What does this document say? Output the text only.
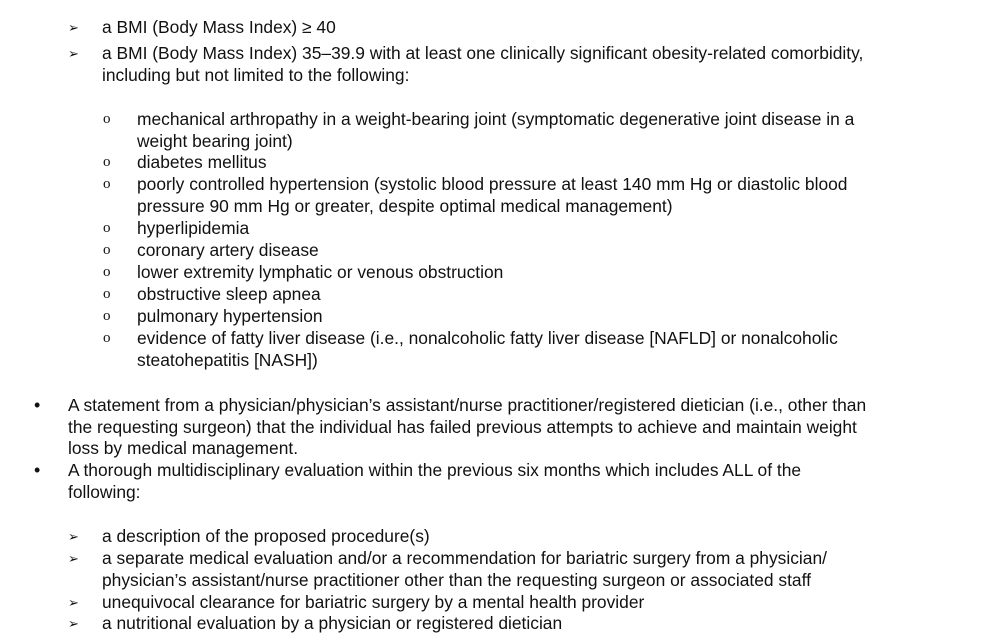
➢ a BMI (Body Mass Index) ≥ 40
➢ a BMI (Body Mass Index) 35–39.9 with at least one clinically significant obesity-related comorbidity,
including but not limited to the following:
o mechanical arthropathy in a weight-bearing joint (symptomatic degenerative joint disease in a
weight bearing joint)
o diabetes mellitus
o poorly controlled hypertension (systolic blood pressure at least 140 mm Hg or diastolic blood
pressure 90 mm Hg or greater, despite optimal medical management)
o hyperlipidemia
o coronary artery disease
o lower extremity lymphatic or venous obstruction
o obstructive sleep apnea
o pulmonary hypertension
o evidence of fatty liver disease (i.e., nonalcoholic fatty liver disease [NAFLD] or nonalcoholic
steatohepatitis [NASH])
• A statement from a physician/physician’s assistant/nurse practitioner/registered dietician (i.e., other than
the requesting surgeon) that the individual has failed previous attempts to achieve and maintain weight
loss by medical management.
• A thorough multidisciplinary evaluation within the previous six months which includes ALL of the
following:
➢ a description of the proposed procedure(s)
➢ a separate medical evaluation and/or a recommendation for bariatric surgery from a physician/
physician’s assistant/nurse practitioner other than the requesting surgeon or associated staff
➢ unequivocal clearance for bariatric surgery by a mental health provider
➢ a nutritional evaluation by a physician or registered dietician
